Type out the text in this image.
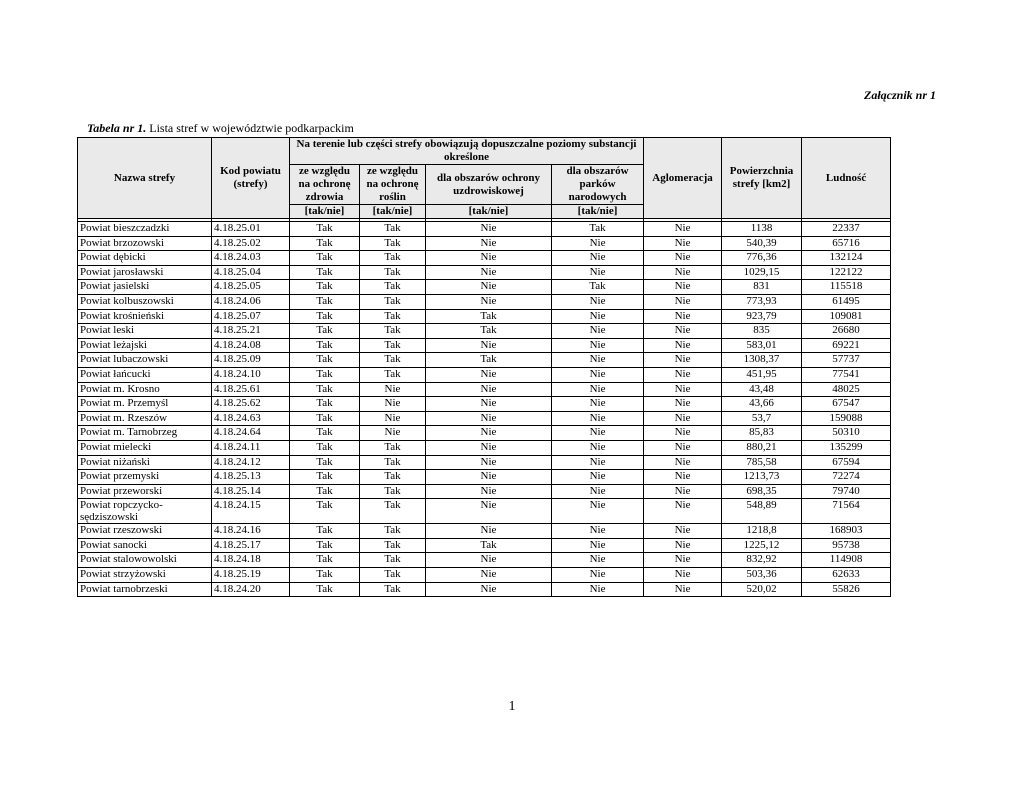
Załącznik nr 1
Tabela nr 1. Lista stref w województwie podkarpackim
Nazwa strefy	Kod powiatu (strefy)	Na terenie lub części strefy obowiązują dopuszczalne poziomy substancji określone				Aglomeracja	Powierzchnia strefy [km2]	Ludność
		ze względu na ochronę zdrowia	ze względu na ochronę roślin	dla obszarów ochrony uzdrowiskowej	dla obszarów parków narodowych			
		[tak/nie]	[tak/nie]	[tak/nie]	[tak/nie]			

Powiat bieszczadzki	4.18.25.01	Tak	Tak	Nie	Tak	Nie	1138	22337
Powiat brzozowski	4.18.25.02	Tak	Tak	Nie	Nie	Nie	540,39	65716
Powiat dębicki	4.18.24.03	Tak	Tak	Nie	Nie	Nie	776,36	132124
Powiat jarosławski	4.18.25.04	Tak	Tak	Nie	Nie	Nie	1029,15	122122
Powiat jasielski	4.18.25.05	Tak	Tak	Nie	Tak	Nie	831	115518
Powiat kolbuszowski	4.18.24.06	Tak	Tak	Nie	Nie	Nie	773,93	61495
Powiat krośnieński	4.18.25.07	Tak	Tak	Tak	Nie	Nie	923,79	109081
Powiat leski	4.18.25.21	Tak	Tak	Tak	Nie	Nie	835	26680
Powiat leżajski	4.18.24.08	Tak	Tak	Nie	Nie	Nie	583,01	69221
Powiat lubaczowski	4.18.25.09	Tak	Tak	Tak	Nie	Nie	1308,37	57737
Powiat łańcucki	4.18.24.10	Tak	Tak	Nie	Nie	Nie	451,95	77541
Powiat m. Krosno	4.18.25.61	Tak	Nie	Nie	Nie	Nie	43,48	48025
Powiat m. Przemyśl	4.18.25.62	Tak	Nie	Nie	Nie	Nie	43,66	67547
Powiat m. Rzeszów	4.18.24.63	Tak	Nie	Nie	Nie	Nie	53,7	159088
Powiat m. Tarnobrzeg	4.18.24.64	Tak	Nie	Nie	Nie	Nie	85,83	50310
Powiat mielecki	4.18.24.11	Tak	Tak	Nie	Nie	Nie	880,21	135299
Powiat niżański	4.18.24.12	Tak	Tak	Nie	Nie	Nie	785,58	67594
Powiat przemyski	4.18.25.13	Tak	Tak	Nie	Nie	Nie	1213,73	72274
Powiat przeworski	4.18.25.14	Tak	Tak	Nie	Nie	Nie	698,35	79740
Powiat ropczycko-sędziszowski	4.18.24.15	Tak	Tak	Nie	Nie	Nie	548,89	71564
Powiat rzeszowski	4.18.24.16	Tak	Tak	Nie	Nie	Nie	1218,8	168903
Powiat sanocki	4.18.25.17	Tak	Tak	Tak	Nie	Nie	1225,12	95738
Powiat stalowowolski	4.18.24.18	Tak	Tak	Nie	Nie	Nie	832,92	114908
Powiat strzyżowski	4.18.25.19	Tak	Tak	Nie	Nie	Nie	503,36	62633
Powiat tarnobrzeski	4.18.24.20	Tak	Tak	Nie	Nie	Nie	520,02	55826
1
